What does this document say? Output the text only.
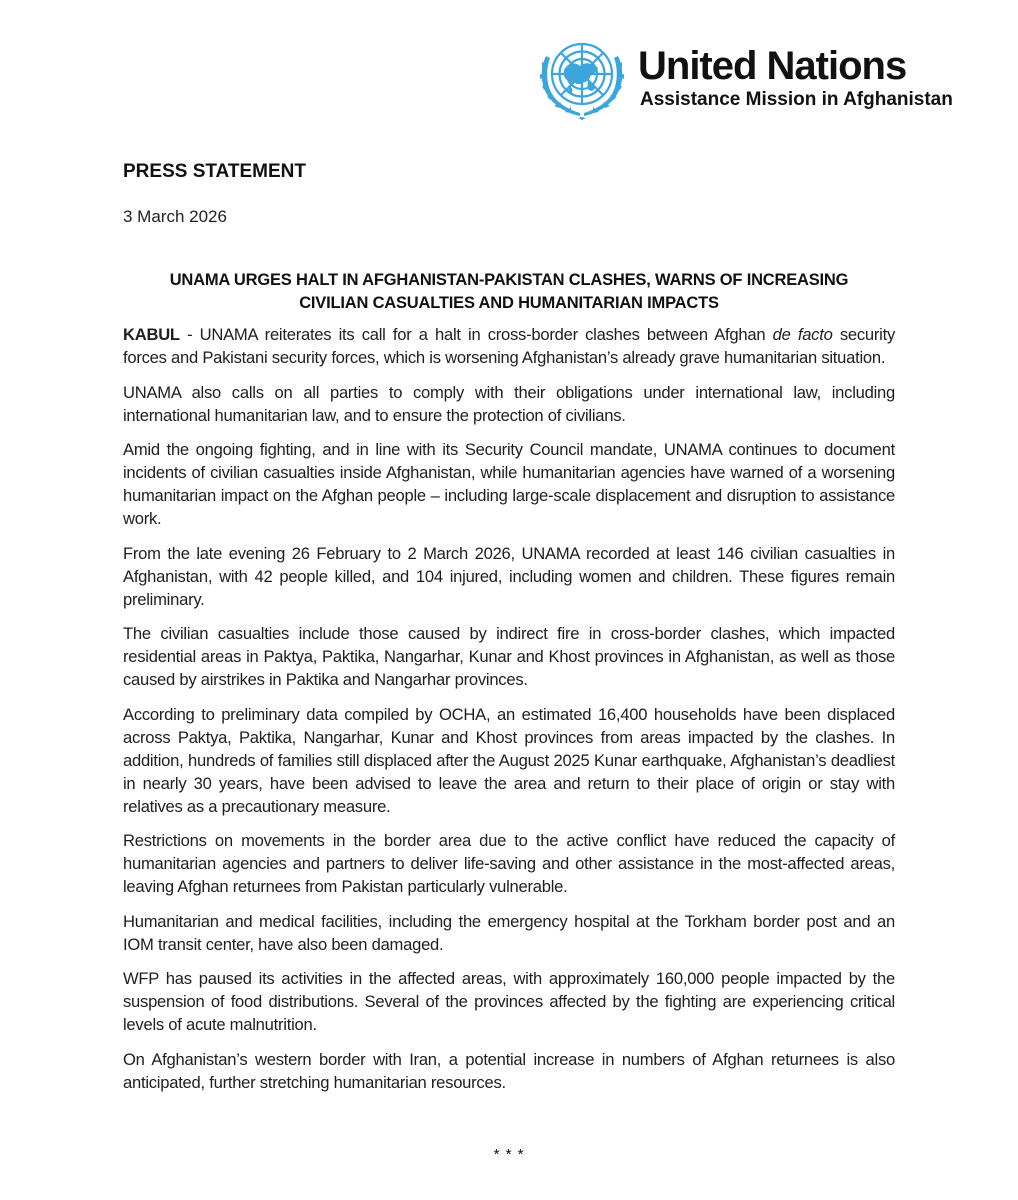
United Nations
Assistance Mission in Afghanistan
PRESS STATEMENT
3 March 2026
UNAMA URGES HALT IN AFGHANISTAN-PAKISTAN CLASHES, WARNS OF INCREASING
CIVILIAN CASUALTIES AND HUMANITARIAN IMPACTS

KABUL - UNAMA reiterates its call for a halt in cross-border clashes between Afghan de facto security forces and Pakistani security forces, which is worsening Afghanistan’s already grave humanitarian situation.

UNAMA also calls on all parties to comply with their obligations under international law, including international humanitarian law, and to ensure the protection of civilians.

Amid the ongoing fighting, and in line with its Security Council mandate, UNAMA continues to document incidents of civilian casualties inside Afghanistan, while humanitarian agencies have warned of a worsening humanitarian impact on the Afghan people – including large-scale displacement and disruption to assistance work.

From the late evening 26 February to 2 March 2026, UNAMA recorded at least 146 civilian casualties in Afghanistan, with 42 people killed, and 104 injured, including women and children. These figures remain preliminary.

The civilian casualties include those caused by indirect fire in cross-border clashes, which impacted residential areas in Paktya, Paktika, Nangarhar, Kunar and Khost provinces in Afghanistan, as well as those caused by airstrikes in Paktika and Nangarhar provinces.

According to preliminary data compiled by OCHA, an estimated 16,400 households have been displaced across Paktya, Paktika, Nangarhar, Kunar and Khost provinces from areas impacted by the clashes. In addition, hundreds of families still displaced after the August 2025 Kunar earthquake, Afghanistan’s deadliest in nearly 30 years, have been advised to leave the area and return to their place of origin or stay with relatives as a precautionary measure.

Restrictions on movements in the border area due to the active conflict have reduced the capacity of humanitarian agencies and partners to deliver life-saving and other assistance in the most-affected areas, leaving Afghan returnees from Pakistan particularly vulnerable.

Humanitarian and medical facilities, including the emergency hospital at the Torkham border post and an IOM transit center, have also been damaged.

WFP has paused its activities in the affected areas, with approximately 160,000 people impacted by the suspension of food distributions. Several of the provinces affected by the fighting are experiencing critical levels of acute malnutrition.

On Afghanistan’s western border with Iran, a potential increase in numbers of Afghan returnees is also anticipated, further stretching humanitarian resources.

* * *
